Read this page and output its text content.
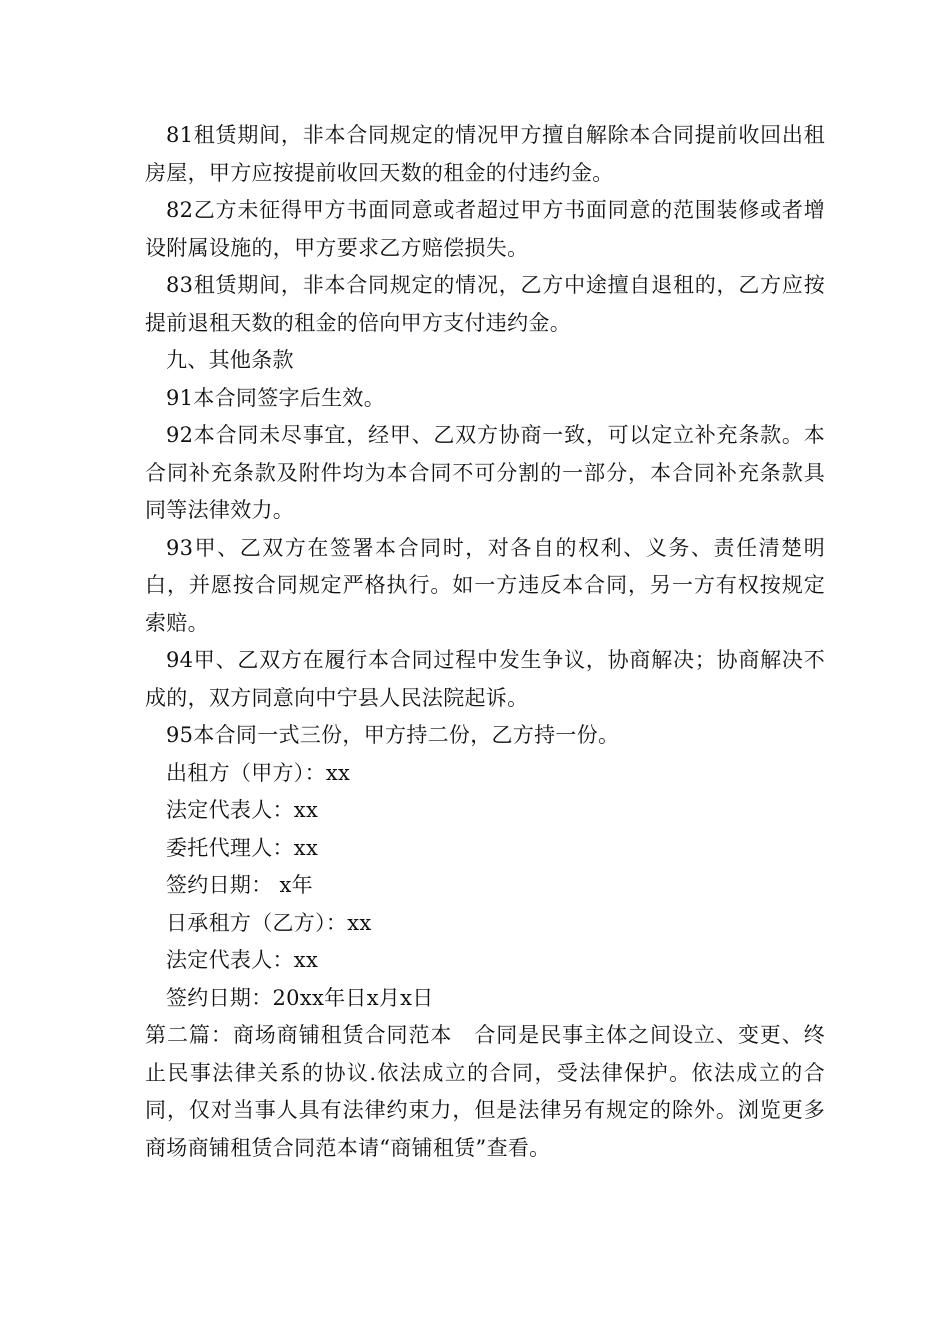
81租赁期间，非本合同规定的情况甲方擅自解除本合同提前收回出租房屋，甲方应按提前收回天数的租金的付违约金。

82乙方未征得甲方书面同意或者超过甲方书面同意的范围装修或者增设附属设施的，甲方要求乙方赔偿损失。

83租赁期间，非本合同规定的情况，乙方中途擅自退租的，乙方应按提前退租天数的租金的倍向甲方支付违约金。

九、其他条款

91本合同签字后生效。

92本合同未尽事宜，经甲、乙双方协商一致，可以定立补充条款。本合同补充条款及附件均为本合同不可分割的一部分，本合同补充条款具同等法律效力。

93甲、乙双方在签署本合同时，对各自的权利、义务、责任清楚明白，并愿按合同规定严格执行。如一方违反本合同，另一方有权按规定索赔。

94甲、乙双方在履行本合同过程中发生争议，协商解决；协商解决不成的，双方同意向中宁县人民法院起诉。

95本合同一式三份，甲方持二份，乙方持一份。

出租方（甲方）：xx

法定代表人：xx

委托代理人：xx

签约日期： x年

日承租方（乙方）：xx

法定代表人：xx

签约日期：20xx年日x月x日

第二篇：商场商铺租赁合同范本　合同是民事主体之间设立、变更、终止民事法律关系的协议.依法成立的合同，受法律保护。依法成立的合同，仅对当事人具有法律约束力，但是法律另有规定的除外。浏览更多商场商铺租赁合同范本请“商铺租赁”查看。
